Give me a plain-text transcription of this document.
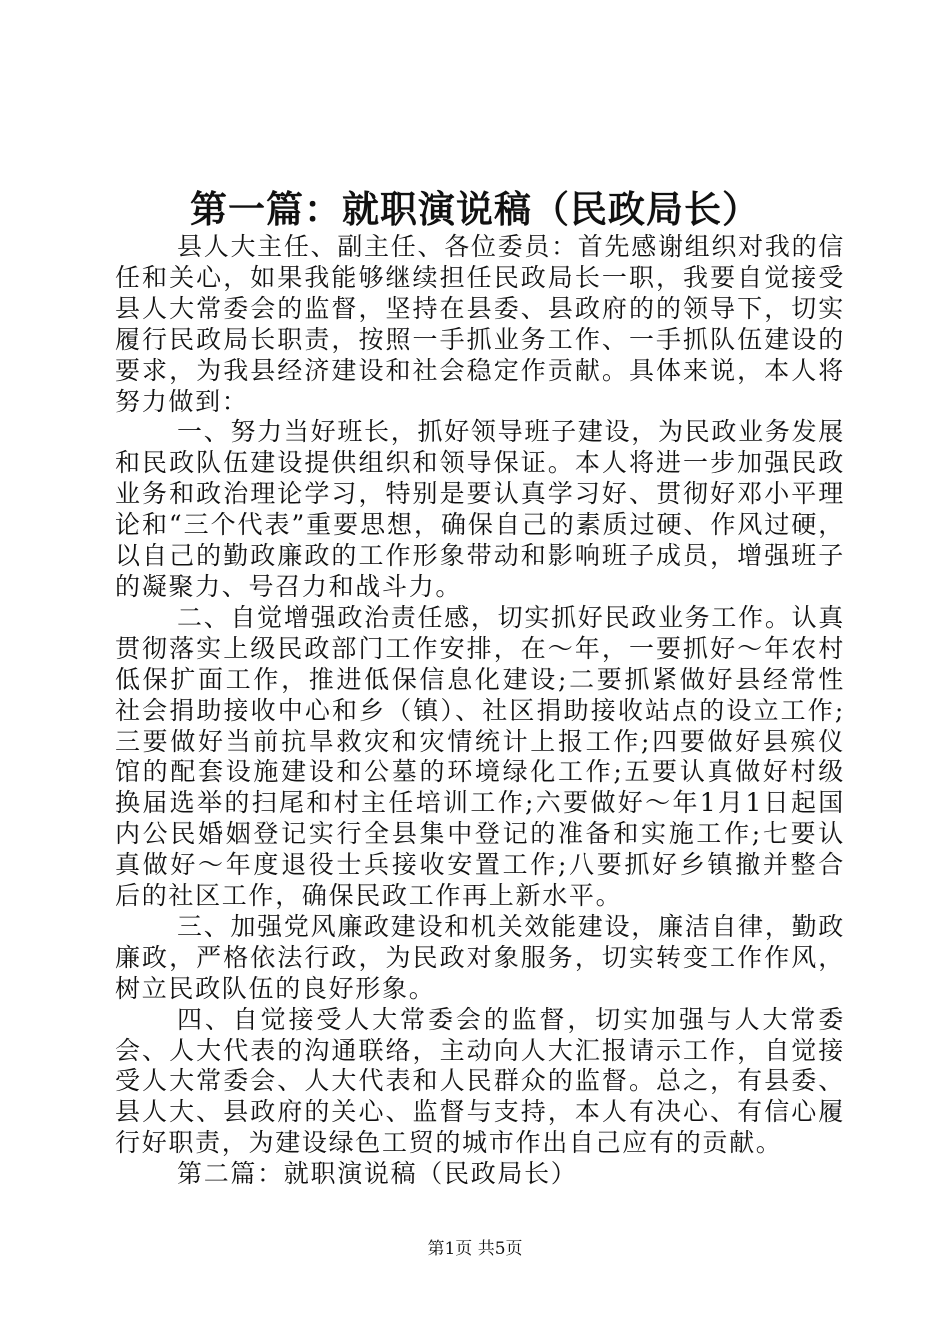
第一篇：就职演说稿（民政局长）

县人大主任、副主任、各位委员：首先感谢组织对我的信任和关心，如果我能够继续担任民政局长一职，我要自觉接受县人大常委会的监督，坚持在县委、县政府的的领导下，切实履行民政局长职责，按照一手抓业务工作、一手抓队伍建设的要求，为我县经济建设和社会稳定作贡献。具体来说，本人将努力做到：

一、努力当好班长，抓好领导班子建设，为民政业务发展和民政队伍建设提供组织和领导保证。本人将进一步加强民政业务和政治理论学习，特别是要认真学习好、贯彻好邓小平理论和“三个代表”重要思想，确保自己的素质过硬、作风过硬，以自己的勤政廉政的工作形象带动和影响班子成员，增强班子的凝聚力、号召力和战斗力。

二、自觉增强政治责任感，切实抓好民政业务工作。认真贯彻落实上级民政部门工作安排，在～年，一要抓好～年农村低保扩面工作，推进低保信息化建设;二要抓紧做好县经常性社会捐助接收中心和乡（镇）、社区捐助接收站点的设立工作;三要做好当前抗旱救灾和灾情统计上报工作;四要做好县殡仪馆的配套设施建设和公墓的环境绿化工作;五要认真做好村级换届选举的扫尾和村主任培训工作;六要做好～年1月1日起国内公民婚姻登记实行全县集中登记的准备和实施工作;七要认真做好～年度退役士兵接收安置工作;八要抓好乡镇撤并整合后的社区工作，确保民政工作再上新水平。

三、加强党风廉政建设和机关效能建设，廉洁自律，勤政廉政，严格依法行政，为民政对象服务，切实转变工作作风，树立民政队伍的良好形象。

四、自觉接受人大常委会的监督，切实加强与人大常委会、人大代表的沟通联络，主动向人大汇报请示工作，自觉接受人大常委会、人大代表和人民群众的监督。总之，有县委、县人大、县政府的关心、监督与支持，本人有决心、有信心履行好职责，为建设绿色工贸的城市作出自己应有的贡献。

第二篇：就职演说稿（民政局长）

第1页 共5页
